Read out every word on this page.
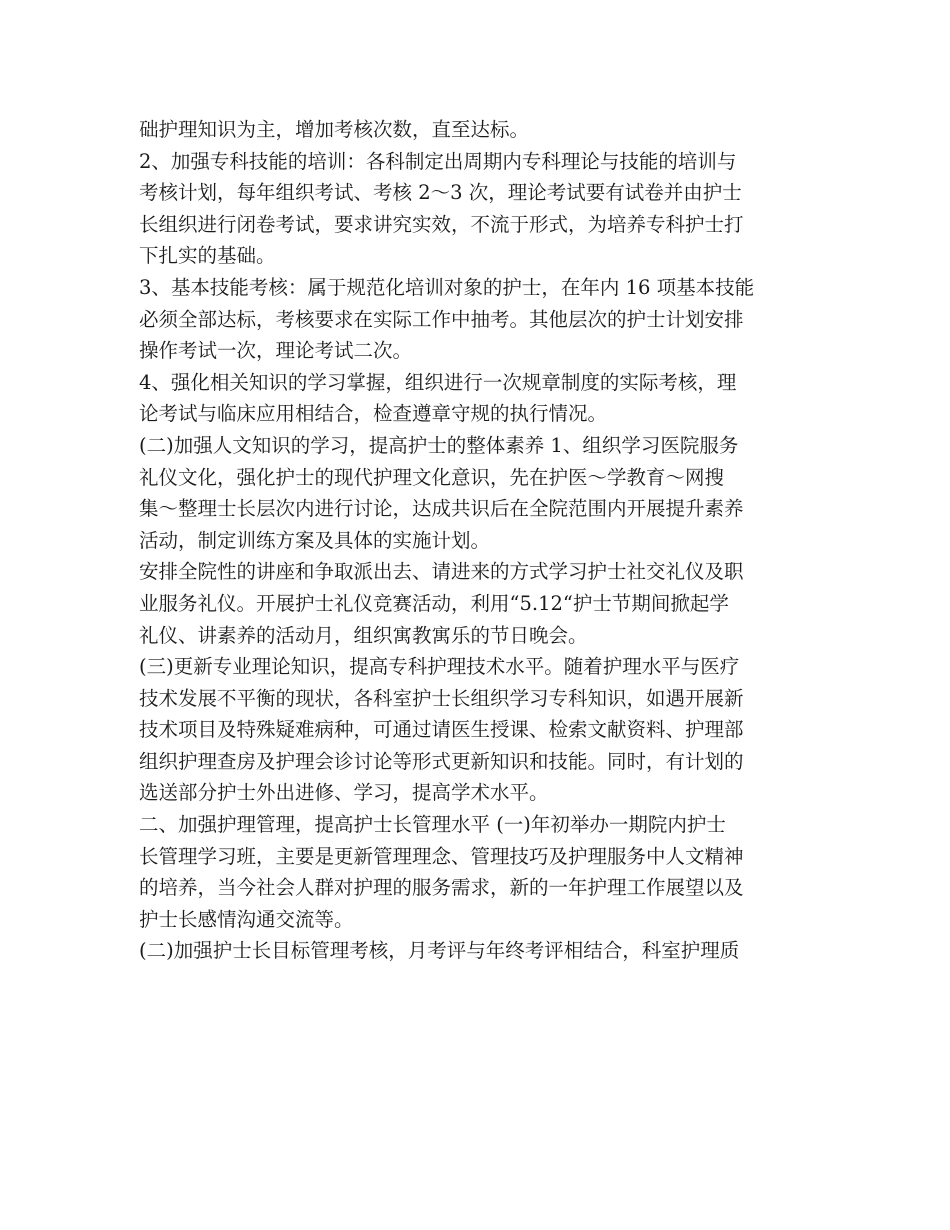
础护理知识为主，增加考核次数，直至达标。
2、加强专科技能的培训：各科制定出周期内专科理论与技能的培训与
考核计划，每年组织考试、考核 2～3 次，理论考试要有试卷并由护士
长组织进行闭卷考试，要求讲究实效，不流于形式，为培养专科护士打
下扎实的基础。
3、基本技能考核：属于规范化培训对象的护士，在年内 16 项基本技能
必须全部达标，考核要求在实际工作中抽考。其他层次的护士计划安排
操作考试一次，理论考试二次。
4、强化相关知识的学习掌握，组织进行一次规章制度的实际考核，理
论考试与临床应用相结合，检查遵章守规的执行情况。
(二)加强人文知识的学习，提高护士的整体素养 1、组织学习医院服务
礼仪文化，强化护士的现代护理文化意识，先在护医～学教育～网搜
集～整理士长层次内进行讨论，达成共识后在全院范围内开展提升素养
活动，制定训练方案及具体的实施计划。
安排全院性的讲座和争取派出去、请进来的方式学习护士社交礼仪及职
业服务礼仪。开展护士礼仪竞赛活动，利用“5.12“护士节期间掀起学
礼仪、讲素养的活动月，组织寓教寓乐的节日晚会。
(三)更新专业理论知识，提高专科护理技术水平。随着护理水平与医疗
技术发展不平衡的现状，各科室护士长组织学习专科知识，如遇开展新
技术项目及特殊疑难病种，可通过请医生授课、检索文献资料、护理部
组织护理查房及护理会诊讨论等形式更新知识和技能。同时，有计划的
选送部分护士外出进修、学习，提高学术水平。
二、加强护理管理，提高护士长管理水平 (一)年初举办一期院内护士
长管理学习班，主要是更新管理理念、管理技巧及护理服务中人文精神
的培养，当今社会人群对护理的服务需求，新的一年护理工作展望以及
护士长感情沟通交流等。
(二)加强护士长目标管理考核，月考评与年终考评相结合，科室护理质
